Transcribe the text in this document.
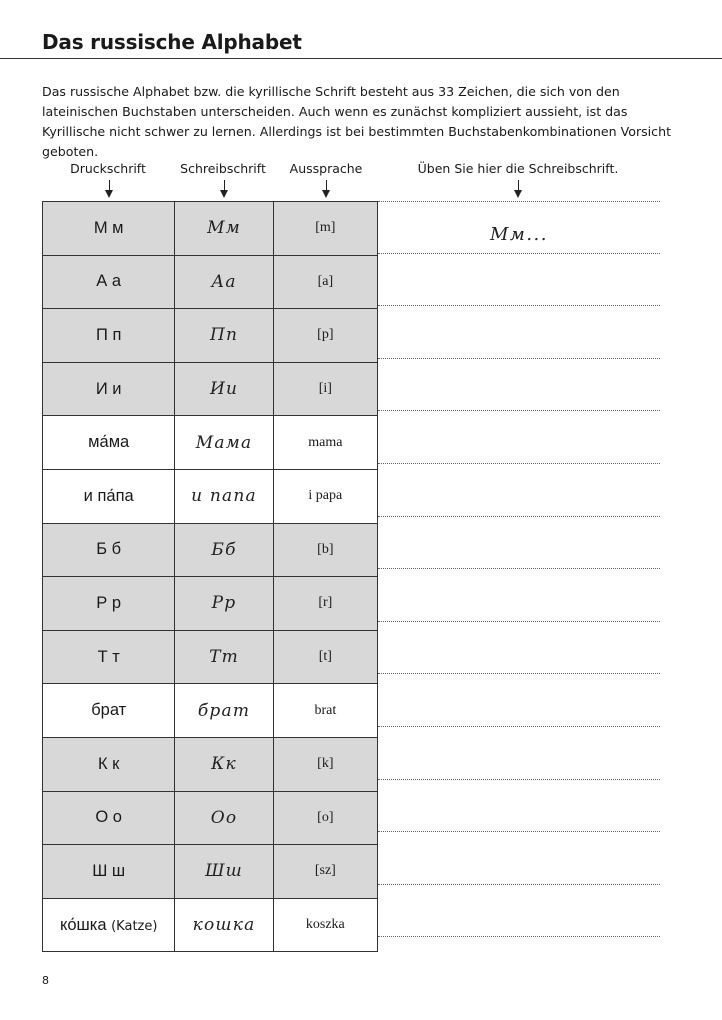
Das russische Alphabet

Das russische Alphabet bzw. die kyrillische Schrift besteht aus 33 Zeichen, die sich von den lateinischen Buchstaben unterscheiden. Auch wenn es zunächst kompliziert aussieht, ist das Kyrillische nicht schwer zu lernen. Allerdings ist bei bestimmten Buchstabenkombinationen Vorsicht geboten.

Druckschrift	Schreibschrift Aussprache	Üben Sie hier die Schreibschrift.
М м	Мм	[m]
А а	Аа	[a]
П п	Пп	[p]
И и	Ии	[i]
ма́ма	Мама	mama
и па́па	и папа	i papa
Б б	Бб	[b]
Р р	Рр	[r]
Т т	Тт	[t]
брат	брат	brat
К к	Кк	[k]
О о	Оо	[o]
Ш ш	Шш	[sz]
ко́шка (Katze)	кошка	koszka
Мм...
8
